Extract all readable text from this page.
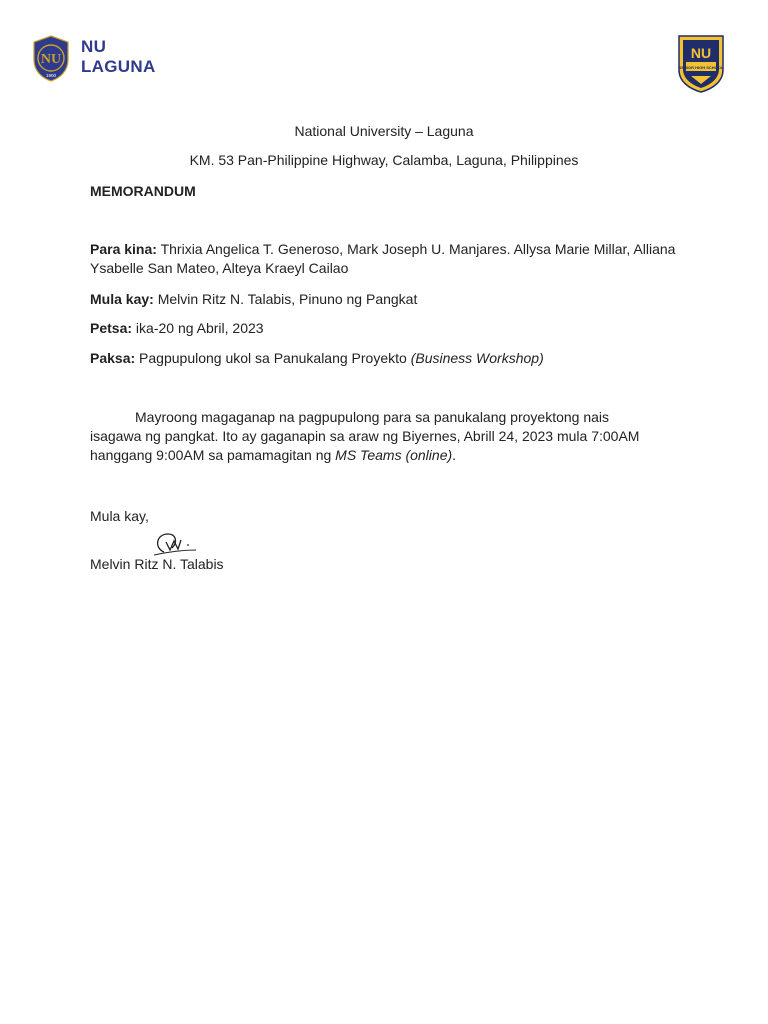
NU
1900
NU
LAGUNA
NU
SENIOR HIGH SCHOOL
National University – Laguna
KM. 53 Pan-Philippine Highway, Calamba, Laguna, Philippines
MEMORANDUM
Para kina: Thrixia Angelica T. Generoso, Mark Joseph U. Manjares. Allysa Marie Millar, Alliana Ysabelle San Mateo, Alteya Kraeyl Cailao
Mula kay: Melvin Ritz N. Talabis, Pinuno ng Pangkat
Petsa: ika-20 ng Abril, 2023
Paksa: Pagpupulong ukol sa Panukalang Proyekto (Business Workshop)
Mayroong magaganap na pagpupulong para sa panukalang proyektong nais isagawa ng pangkat. Ito ay gaganapin sa araw ng Biyernes, Abrill 24, 2023 mula 7:00AM hanggang 9:00AM sa pamamagitan ng MS Teams (online).
Mula kay,
Melvin Ritz N. Talabis
